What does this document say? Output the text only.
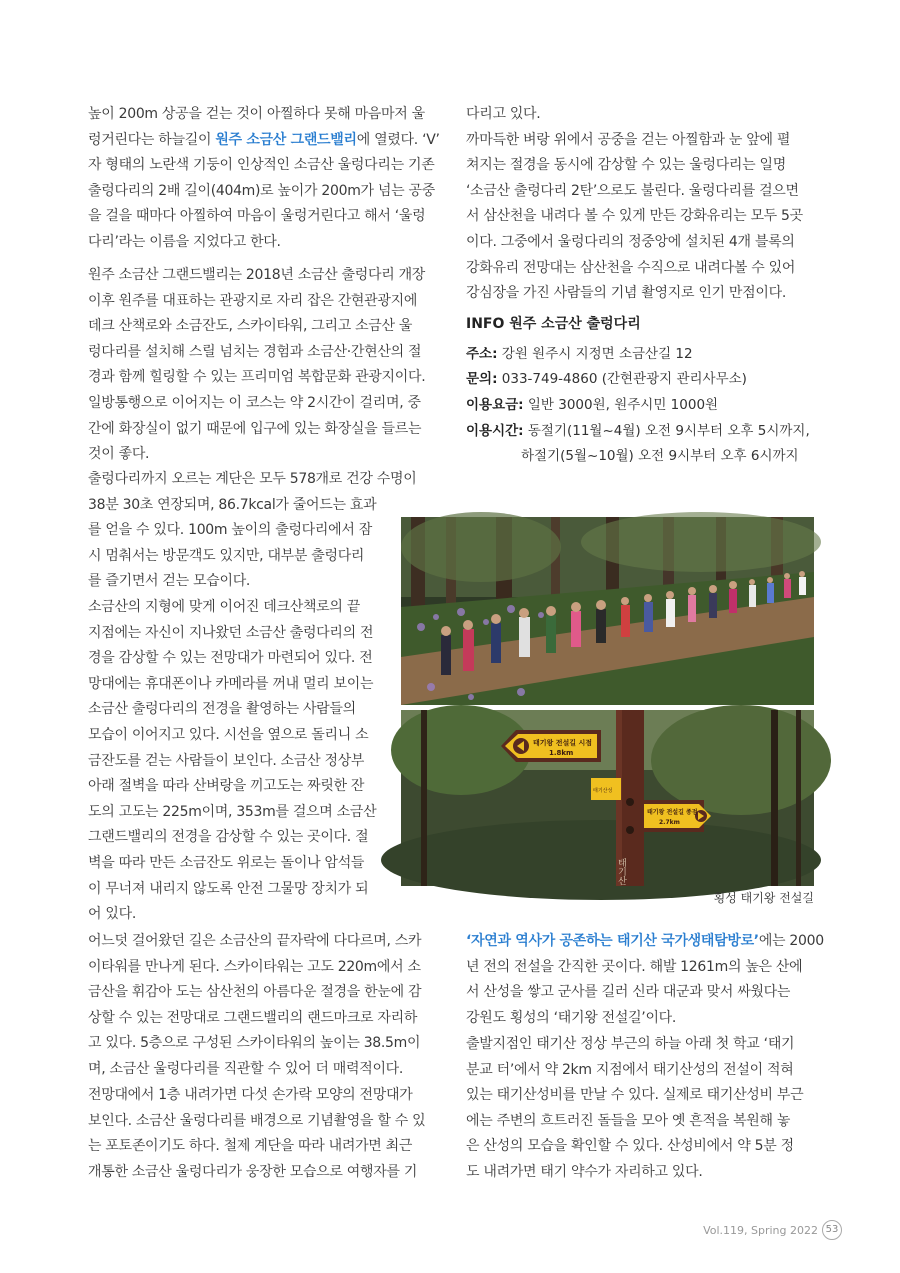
높이 200m 상공을 걷는 것이 아찔하다 못해 마음마저 울
렁거린다는 하늘길이 원주 소금산 그랜드밸리에 열렸다. ‘V’
자 형태의 노란색 기둥이 인상적인 소금산 울렁다리는 기존
출렁다리의 2배 길이(404m)로 높이가 200m가 넘는 공중
을 걸을 때마다 아찔하여 마음이 울렁거린다고 해서 ‘울렁
다리’라는 이름을 지었다고 한다.
원주 소금산 그랜드밸리는 2018년 소금산 출렁다리 개장
이후 원주를 대표하는 관광지로 자리 잡은 간현관광지에
데크 산책로와 소금잔도, 스카이타워, 그리고 소금산 울
렁다리를 설치해 스릴 넘치는 경험과 소금산·간현산의 절
경과 함께 힐링할 수 있는 프리미엄 복합문화 관광지이다.
일방통행으로 이어지는 이 코스는 약 2시간이 걸리며, 중
간에 화장실이 없기 때문에 입구에 있는 화장실을 들르는
것이 좋다.
출렁다리까지 오르는 계단은 모두 578개로 건강 수명이
38분 30초 연장되며, 86.7kcal가 줄어드는 효과
를 얻을 수 있다. 100m 높이의 출렁다리에서 잠
시 멈춰서는 방문객도 있지만, 대부분 출렁다리
를 즐기면서 걷는 모습이다.
소금산의 지형에 맞게 이어진 데크산책로의 끝
지점에는 자신이 지나왔던 소금산 출렁다리의 전
경을 감상할 수 있는 전망대가 마련되어 있다. 전
망대에는 휴대폰이나 카메라를 꺼내 멀리 보이는
소금산 출렁다리의 전경을 촬영하는 사람들의
모습이 이어지고 있다. 시선을 옆으로 돌리니 소
금잔도를 걷는 사람들이 보인다. 소금산 정상부
아래 절벽을 따라 산벼랑을 끼고도는 짜릿한 잔
도의 고도는 225m이며, 353m를 걸으며 소금산
그랜드밸리의 전경을 감상할 수 있는 곳이다. 절
벽을 따라 만든 소금잔도 위로는 돌이나 암석들
이 무너져 내리지 않도록 안전 그물망 장치가 되
어 있다.
어느덧 걸어왔던 길은 소금산의 끝자락에 다다르며, 스카
이타워를 만나게 된다. 스카이타워는 고도 220m에서 소
금산을 휘감아 도는 삼산천의 아름다운 절경을 한눈에 감
상할 수 있는 전망대로 그랜드밸리의 랜드마크로 자리하
고 있다. 5층으로 구성된 스카이타워의 높이는 38.5m이
며, 소금산 울렁다리를 직관할 수 있어 더 매력적이다.
전망대에서 1층 내려가면 다섯 손가락 모양의 전망대가
보인다. 소금산 울렁다리를 배경으로 기념촬영을 할 수 있
는 포토존이기도 하다. 철제 계단을 따라 내려가면 최근
개통한 소금산 울렁다리가 웅장한 모습으로 여행자를 기
다리고 있다.
까마득한 벼랑 위에서 공중을 걷는 아찔함과 눈 앞에 펼
쳐지는 절경을 동시에 감상할 수 있는 울렁다리는 일명
‘소금산 출렁다리 2탄’으로도 불린다. 울렁다리를 걸으면
서 삼산천을 내려다 볼 수 있게 만든 강화유리는 모두 5곳
이다. 그중에서 울렁다리의 정중앙에 설치된 4개 블록의
강화유리 전망대는 삼산천을 수직으로 내려다볼 수 있어
강심장을 가진 사람들의 기념 촬영지로 인기 만점이다.
INFO 원주 소금산 출렁다리
주소: 강원 원주시 지정면 소금산길 12
문의: 033-749-4860 (간현관광지 관리사무소)
이용요금: 일반 3000원, 원주시민 1000원
이용시간: 동절기(11월~4월) 오전 9시부터 오후 5시까지,
하절기(5월~10월) 오전 9시부터 오후 6시까지
태기왕 전설길 시점
1.8km
태기산성
태기왕 전설길 종점
2.7km
태기산
횡성 태기왕 전설길
‘자연과 역사가 공존하는 태기산 국가생태탐방로’에는 2000
년 전의 전설을 간직한 곳이다. 해발 1261m의 높은 산에
서 산성을 쌓고 군사를 길러 신라 대군과 맞서 싸웠다는
강원도 횡성의 ‘태기왕 전설길’이다.
출발지점인 태기산 정상 부근의 하늘 아래 첫 학교 ‘태기
분교 터’에서 약 2km 지점에서 태기산성의 전설이 적혀
있는 태기산성비를 만날 수 있다. 실제로 태기산성비 부근
에는 주변의 흐트러진 돌들을 모아 옛 흔적을 복원해 놓
은 산성의 모습을 확인할 수 있다. 산성비에서 약 5분 정
도 내려가면 태기 약수가 자리하고 있다.
Vol.119, Spring 2022 53
